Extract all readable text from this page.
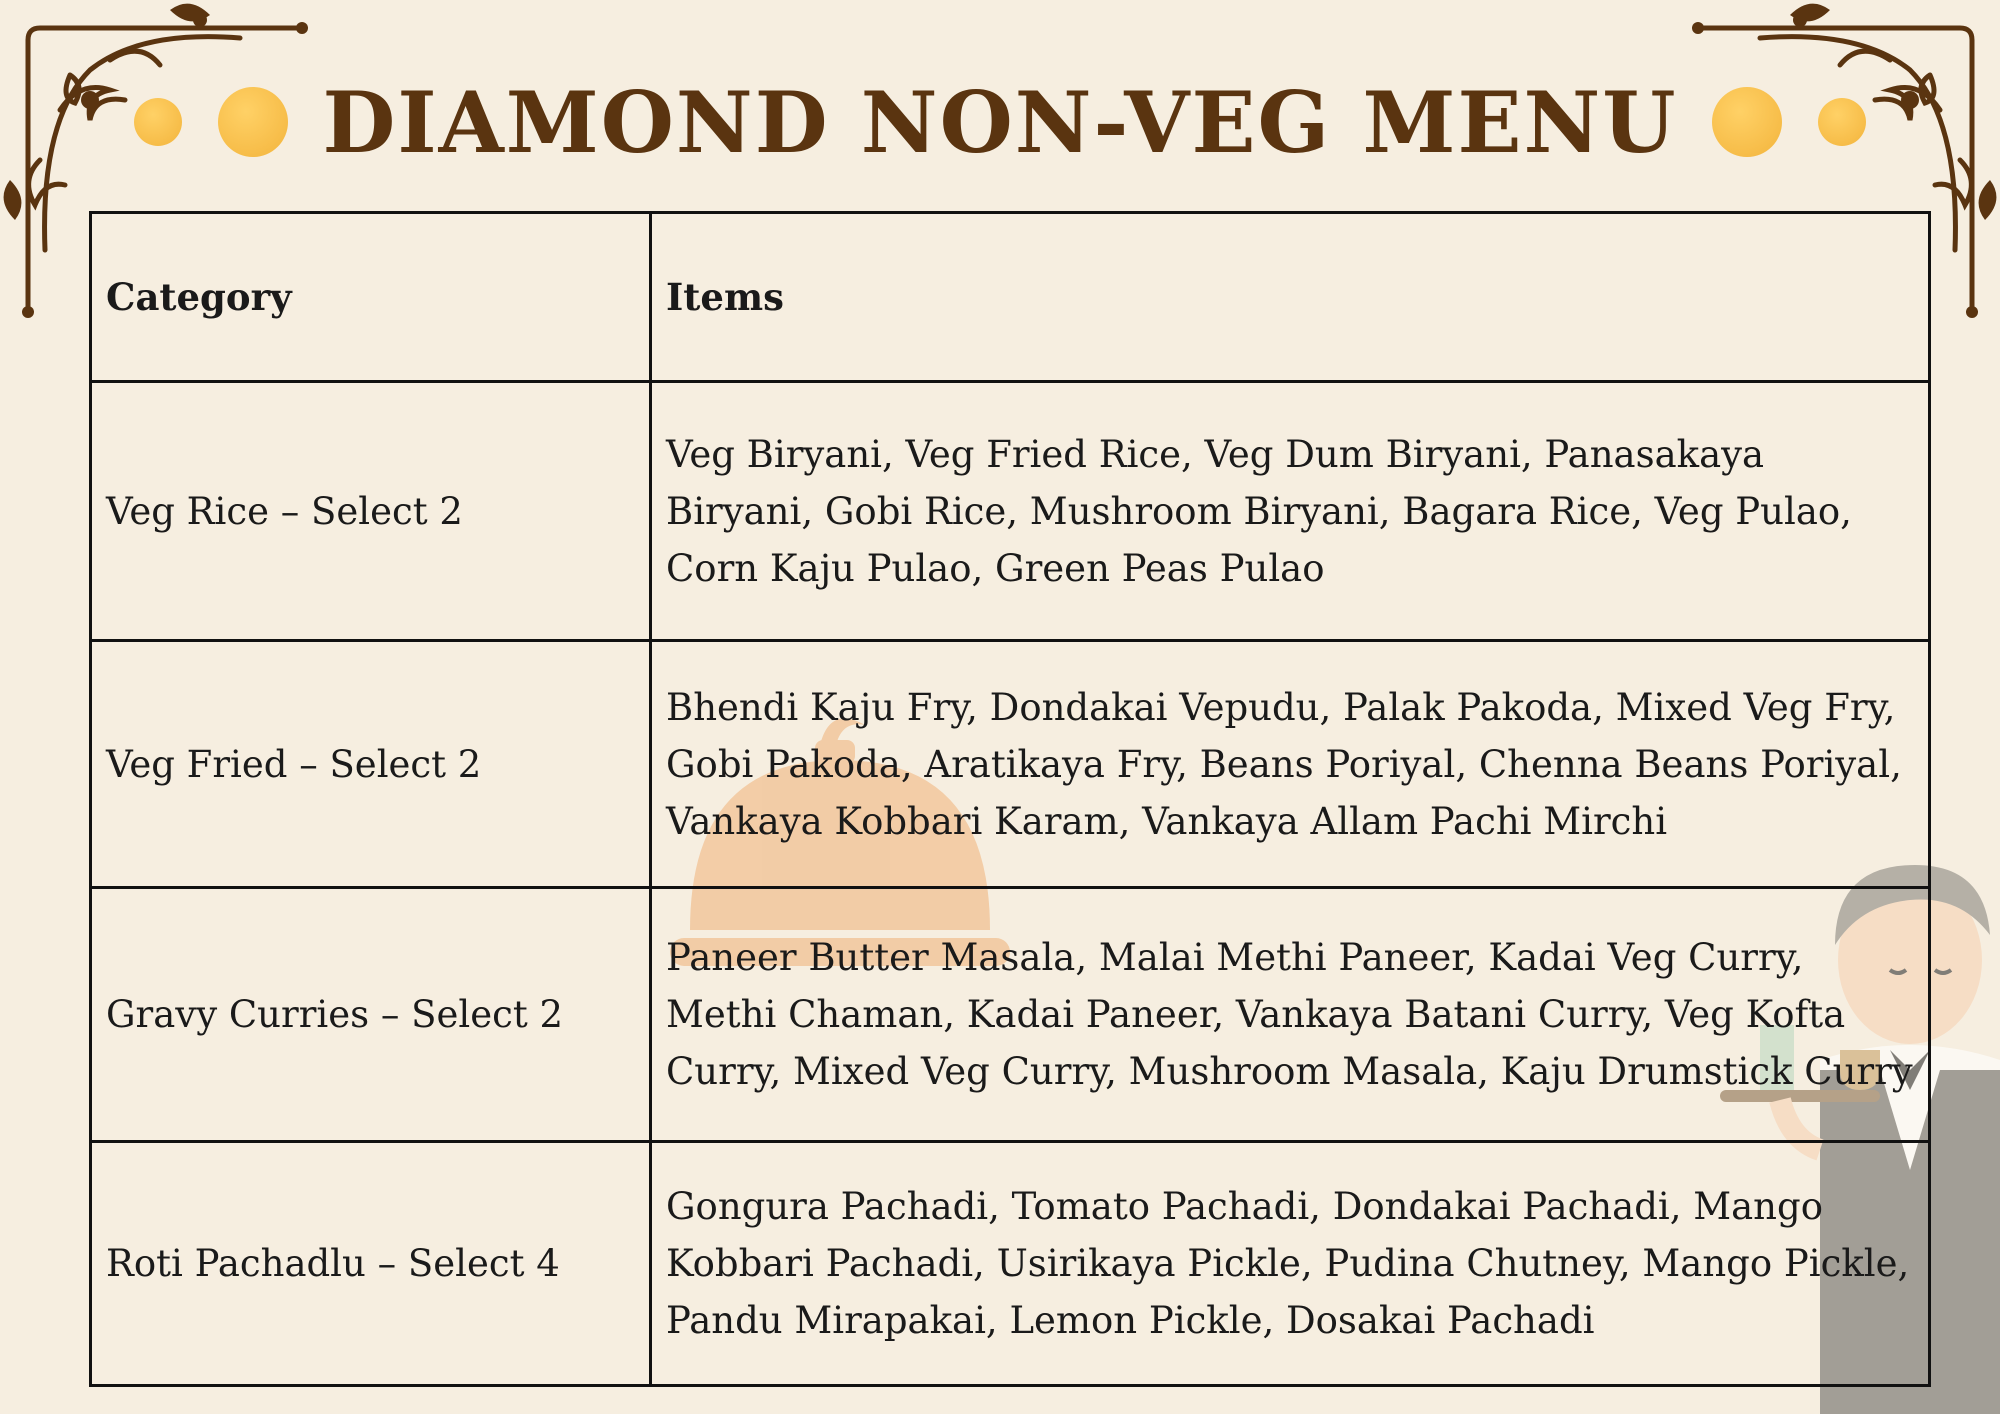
DIAMOND NON-VEG MENU
Category	Items
Veg Rice – Select 2	Veg Biryani, Veg Fried Rice, Veg Dum Biryani, Panasakaya Biryani, Gobi Rice, Mushroom Biryani, Bagara Rice, Veg Pulao, Corn Kaju Pulao, Green Peas Pulao
Veg Fried – Select 2	Bhendi Kaju Fry, Dondakai Vepudu, Palak Pakoda, Mixed Veg Fry, Gobi Pakoda, Aratikaya Fry, Beans Poriyal, Chenna Beans Poriyal, Vankaya Kobbari Karam, Vankaya Allam Pachi Mirchi
Gravy Curries – Select 2	Paneer Butter Masala, Malai Methi Paneer, Kadai Veg Curry, Methi Chaman, Kadai Paneer, Vankaya Batani Curry, Veg Kofta Curry, Mixed Veg Curry, Mushroom Masala, Kaju Drumstick Curry
Roti Pachadlu – Select 4	Gongura Pachadi, Tomato Pachadi, Dondakai Pachadi, Mango Kobbari Pachadi, Usirikaya Pickle, Pudina Chutney, Mango Pickle, Pandu Mirapakai, Lemon Pickle, Dosakai Pachadi
